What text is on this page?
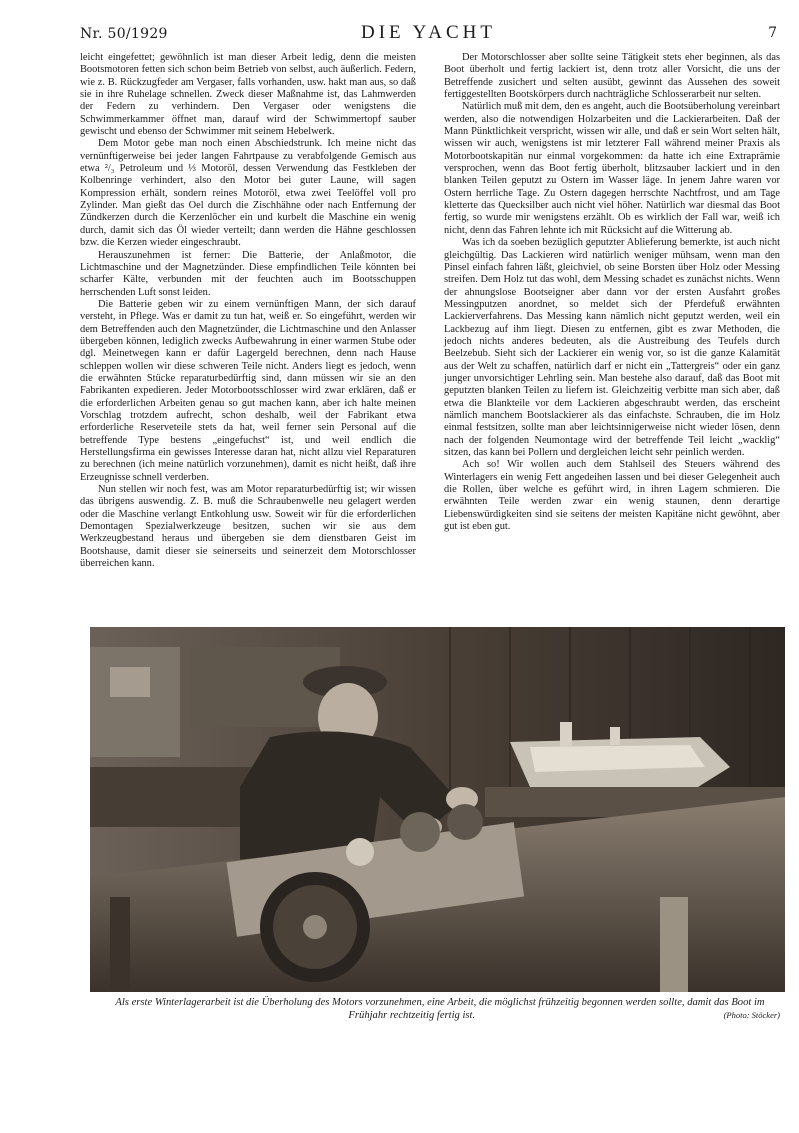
Nr. 50/1929	DIE YACHT	7

leicht eingefettet; gewöhnlich ist man dieser Arbeit ledig, denn die meisten Bootsmotoren fetten sich schon beim Betrieb von selbst, auch äußerlich. Federn, wie z. B. Rückzugfeder am Vergaser, falls vorhanden, usw. hakt man aus, so daß sie in ihre Ruhelage schnellen. Zweck dieser Maßnahme ist, das Lahmwerden der Federn zu verhindern. Den Vergaser oder wenigstens die Schwimmerkammer öffnet man, darauf wird der Schwimmertopf sauber gewischt und ebenso der Schwimmer mit seinem Hebelwerk.

Dem Motor gebe man noch einen Abschiedstrunk. Ich meine nicht das vernünftigerweise bei jeder langen Fahrtpause zu verabfolgende Gemisch aus etwa ²/₃ Petroleum und ⅓ Motoröl, dessen Verwendung das Festkleben der Kolbenringe verhindert, also den Motor bei guter Laune, will sagen Kompression erhält, sondern reines Motoröl, etwa zwei Teelöffel voll pro Zylinder. Man gießt das Oel durch die Zischhähne oder nach Entfernung der Zündkerzen durch die Kerzenlöcher ein und kurbelt die Maschine ein wenig durch, damit sich das Öl wieder verteilt; dann werden die Hähne geschlossen bzw. die Kerzen wieder eingeschraubt.

Herauszunehmen ist ferner: Die Batterie, der Anlaßmotor, die Lichtmaschine und der Magnetzünder. Diese empfindlichen Teile könnten bei scharfer Kälte, verbunden mit der feuchten auch im Bootsschuppen herrschenden Luft sonst leiden.

Die Batterie geben wir zu einem vernünftigen Mann, der sich darauf versteht, in Pflege. Was er damit zu tun hat, weiß er. So eingeführt, werden wir dem Betreffenden auch den Magnetzünder, die Lichtmaschine und den Anlasser übergeben können, lediglich zwecks Aufbewahrung in einer warmen Stube oder dgl. Meinetwegen kann er dafür Lagergeld berechnen, denn nach Hause schleppen wollen wir diese schweren Teile nicht. Anders liegt es jedoch, wenn die erwähnten Stücke reparaturbedürftig sind, dann müssen wir sie an den Fabrikanten expedieren. Jeder Motorbootsschlosser wird zwar erklären, daß er die erforderlichen Arbeiten genau so gut machen kann, aber ich halte meinen Vorschlag trotzdem aufrecht, schon deshalb, weil der Fabrikant etwa erforderliche Reserveteile stets da hat, weil ferner sein Personal auf die betreffende Type bestens „eingefuchst“ ist, und weil endlich die Herstellungsfirma ein gewisses Interesse daran hat, nicht allzu viel Reparaturen zu berechnen (ich meine natürlich vorzunehmen), damit es nicht heißt, daß ihre Erzeugnisse schnell verderben.

Nun stellen wir noch fest, was am Motor reparaturbedürftig ist; wir wissen das übrigens auswendig. Z. B. muß die Schraubenwelle neu gelagert werden oder die Maschine verlangt Entkohlung usw. Soweit wir für die erforderlichen Demontagen Spezialwerkzeuge besitzen, suchen wir sie aus dem Werkzeugbestand heraus und übergeben sie dem dienstbaren Geist im Bootshause, damit dieser sie seinerseits und seinerzeit dem Motorschlosser überreichen kann.

Der Motorschlosser aber sollte seine Tätigkeit stets eher beginnen, als das Boot überholt und fertig lackiert ist, denn trotz aller Vorsicht, die uns der Betreffende zusichert und selten ausübt, gewinnt das Aussehen des soweit fertiggestellten Bootskörpers durch nachträgliche Schlosserarbeit nur selten.

Natürlich muß mit dem, den es angeht, auch die Bootsüberholung vereinbart werden, also die notwendigen Holzarbeiten und die Lackierarbeiten. Daß der Mann Pünktlichkeit verspricht, wissen wir alle, und daß er sein Wort selten hält, wissen wir auch, wenigstens ist mir letzterer Fall während meiner Praxis als Motorbootskapitän nur einmal vorgekommen: da hatte ich eine Extraprämie versprochen, wenn das Boot fertig überholt, blitzsauber lackiert und in den blanken Teilen geputzt zu Ostern im Wasser läge. In jenem Jahre waren vor Ostern herrliche Tage. Zu Ostern dagegen herrschte Nachtfrost, und am Tage kletterte das Quecksilber auch nicht viel höher. Natürlich war diesmal das Boot fertig, so wurde mir wenigstens erzählt. Ob es wirklich der Fall war, weiß ich nicht, denn das Fahren lehnte ich mit Rücksicht auf die Witterung ab.

Was ich da soeben bezüglich geputzter Ablieferung bemerkte, ist auch nicht gleichgültig. Das Lackieren wird natürlich weniger mühsam, wenn man den Pinsel einfach fahren läßt, gleichviel, ob seine Borsten über Holz oder Messing streifen. Dem Holz tut das wohl, dem Messing schadet es zunächst nichts. Wenn der ahnungslose Bootseigner aber dann vor der ersten Ausfahrt großes Messingputzen anordnet, so meldet sich der Pferdefuß erwähnten Lackierverfahrens. Das Messing kann nämlich nicht geputzt werden, weil ein Lackbezug auf ihm liegt. Diesen zu entfernen, gibt es zwar Methoden, die jedoch nichts anderes bedeuten, als die Austreibung des Teufels durch Beelzebub. Sieht sich der Lackierer ein wenig vor, so ist die ganze Kalamität aus der Welt zu schaffen, natürlich darf er nicht ein „Tattergreis“ oder ein ganz junger unvorsichtiger Lehrling sein. Man bestehe also darauf, daß das Boot mit geputzten blanken Teilen zu liefern ist. Gleichzeitig verbitte man sich aber, daß etwa die Blankteile vor dem Lackieren abgeschraubt werden, das erscheint nämlich manchem Bootslackierer als das einfachste. Schrauben, die im Holz einmal festsitzen, sollte man aber leichtsinnigerweise nicht wieder lösen, denn nach der folgenden Neumontage wird der betreffende Teil leicht „wacklig“ sitzen, das kann bei Pollern und dergleichen leicht sehr peinlich werden.

Ach so! Wir wollen auch dem Stahlseil des Steuers während des Winterlagers ein wenig Fett angedeihen lassen und bei dieser Gelegenheit auch die Rollen, über welche es geführt wird, in ihren Lagern schmieren. Die erwähnten Teile werden zwar ein wenig staunen, denn derartige Liebenswürdigkeiten sind sie seitens der meisten Kapitäne nicht gewöhnt, aber gut ist eben gut.

Als erste Winterlagerarbeit ist die Überholung des Motors vorzunehmen, eine Arbeit, die möglichst frühzeitig begonnen werden sollte, damit das Boot im Frühjahr rechtzeitig fertig ist.	(Photo: Stöcker)
